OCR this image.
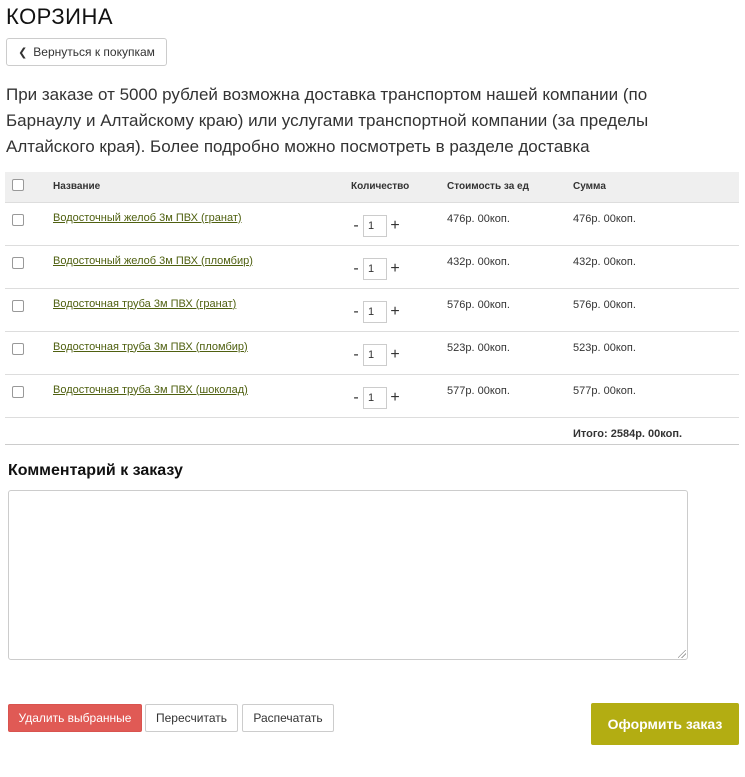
КОРЗИНА
❮ Вернуться к покупкам
При заказе от 5000 рублей возможна доставка транспортом нашей компании (по Барнаулу и Алтайскому краю) или услугами транспортной компании (за пределы Алтайского края). Более подробно можно посмотреть в разделе доставка
	Название	Количество	Стоимость за ед	Сумма
	Водосточный желоб 3м ПВХ (гранат)	- 1 +	476р. 00коп.	476р. 00коп.
	Водосточный желоб 3м ПВХ (пломбир)	- 1 +	432р. 00коп.	432р. 00коп.
	Водосточная труба 3м ПВХ (гранат)	- 1 +	576р. 00коп.	576р. 00коп.
	Водосточная труба 3м ПВХ (пломбир)	- 1 +	523р. 00коп.	523р. 00коп.
	Водосточная труба 3м ПВХ (шоколад)	- 1 +	577р. 00коп.	577р. 00коп.
				Итого: 2584р. 00коп.
Комментарий к заказу
Удалить выбранные	Пересчитать	Распечатать	Оформить заказ
